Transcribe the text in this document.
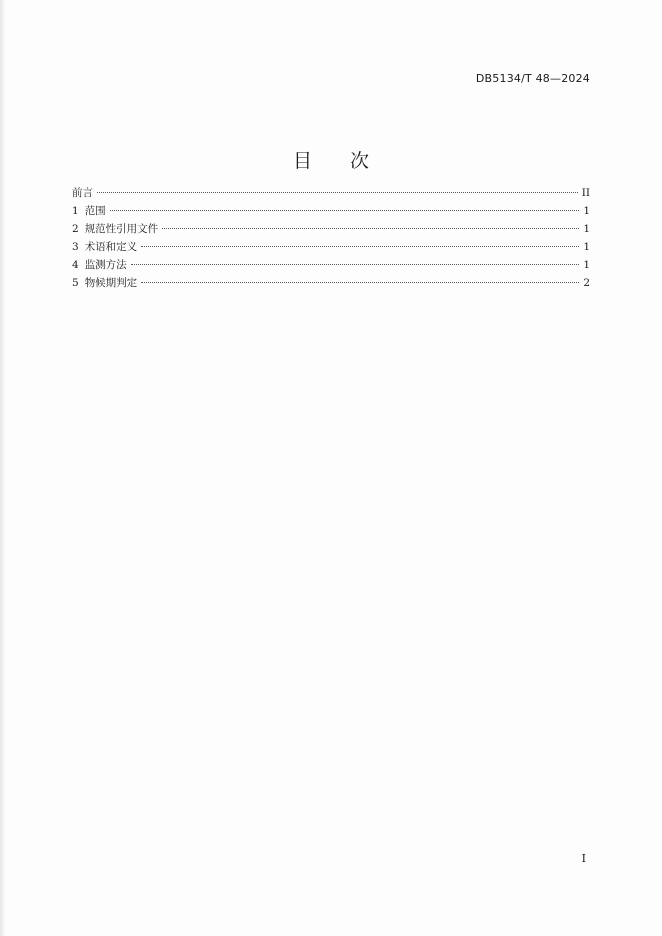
DB5134/T 48—2024
目 次
前言	II
1 范围	1
2 规范性引用文件	1
3 术语和定义	1
4 监测方法	1
5 物候期判定	2
I
